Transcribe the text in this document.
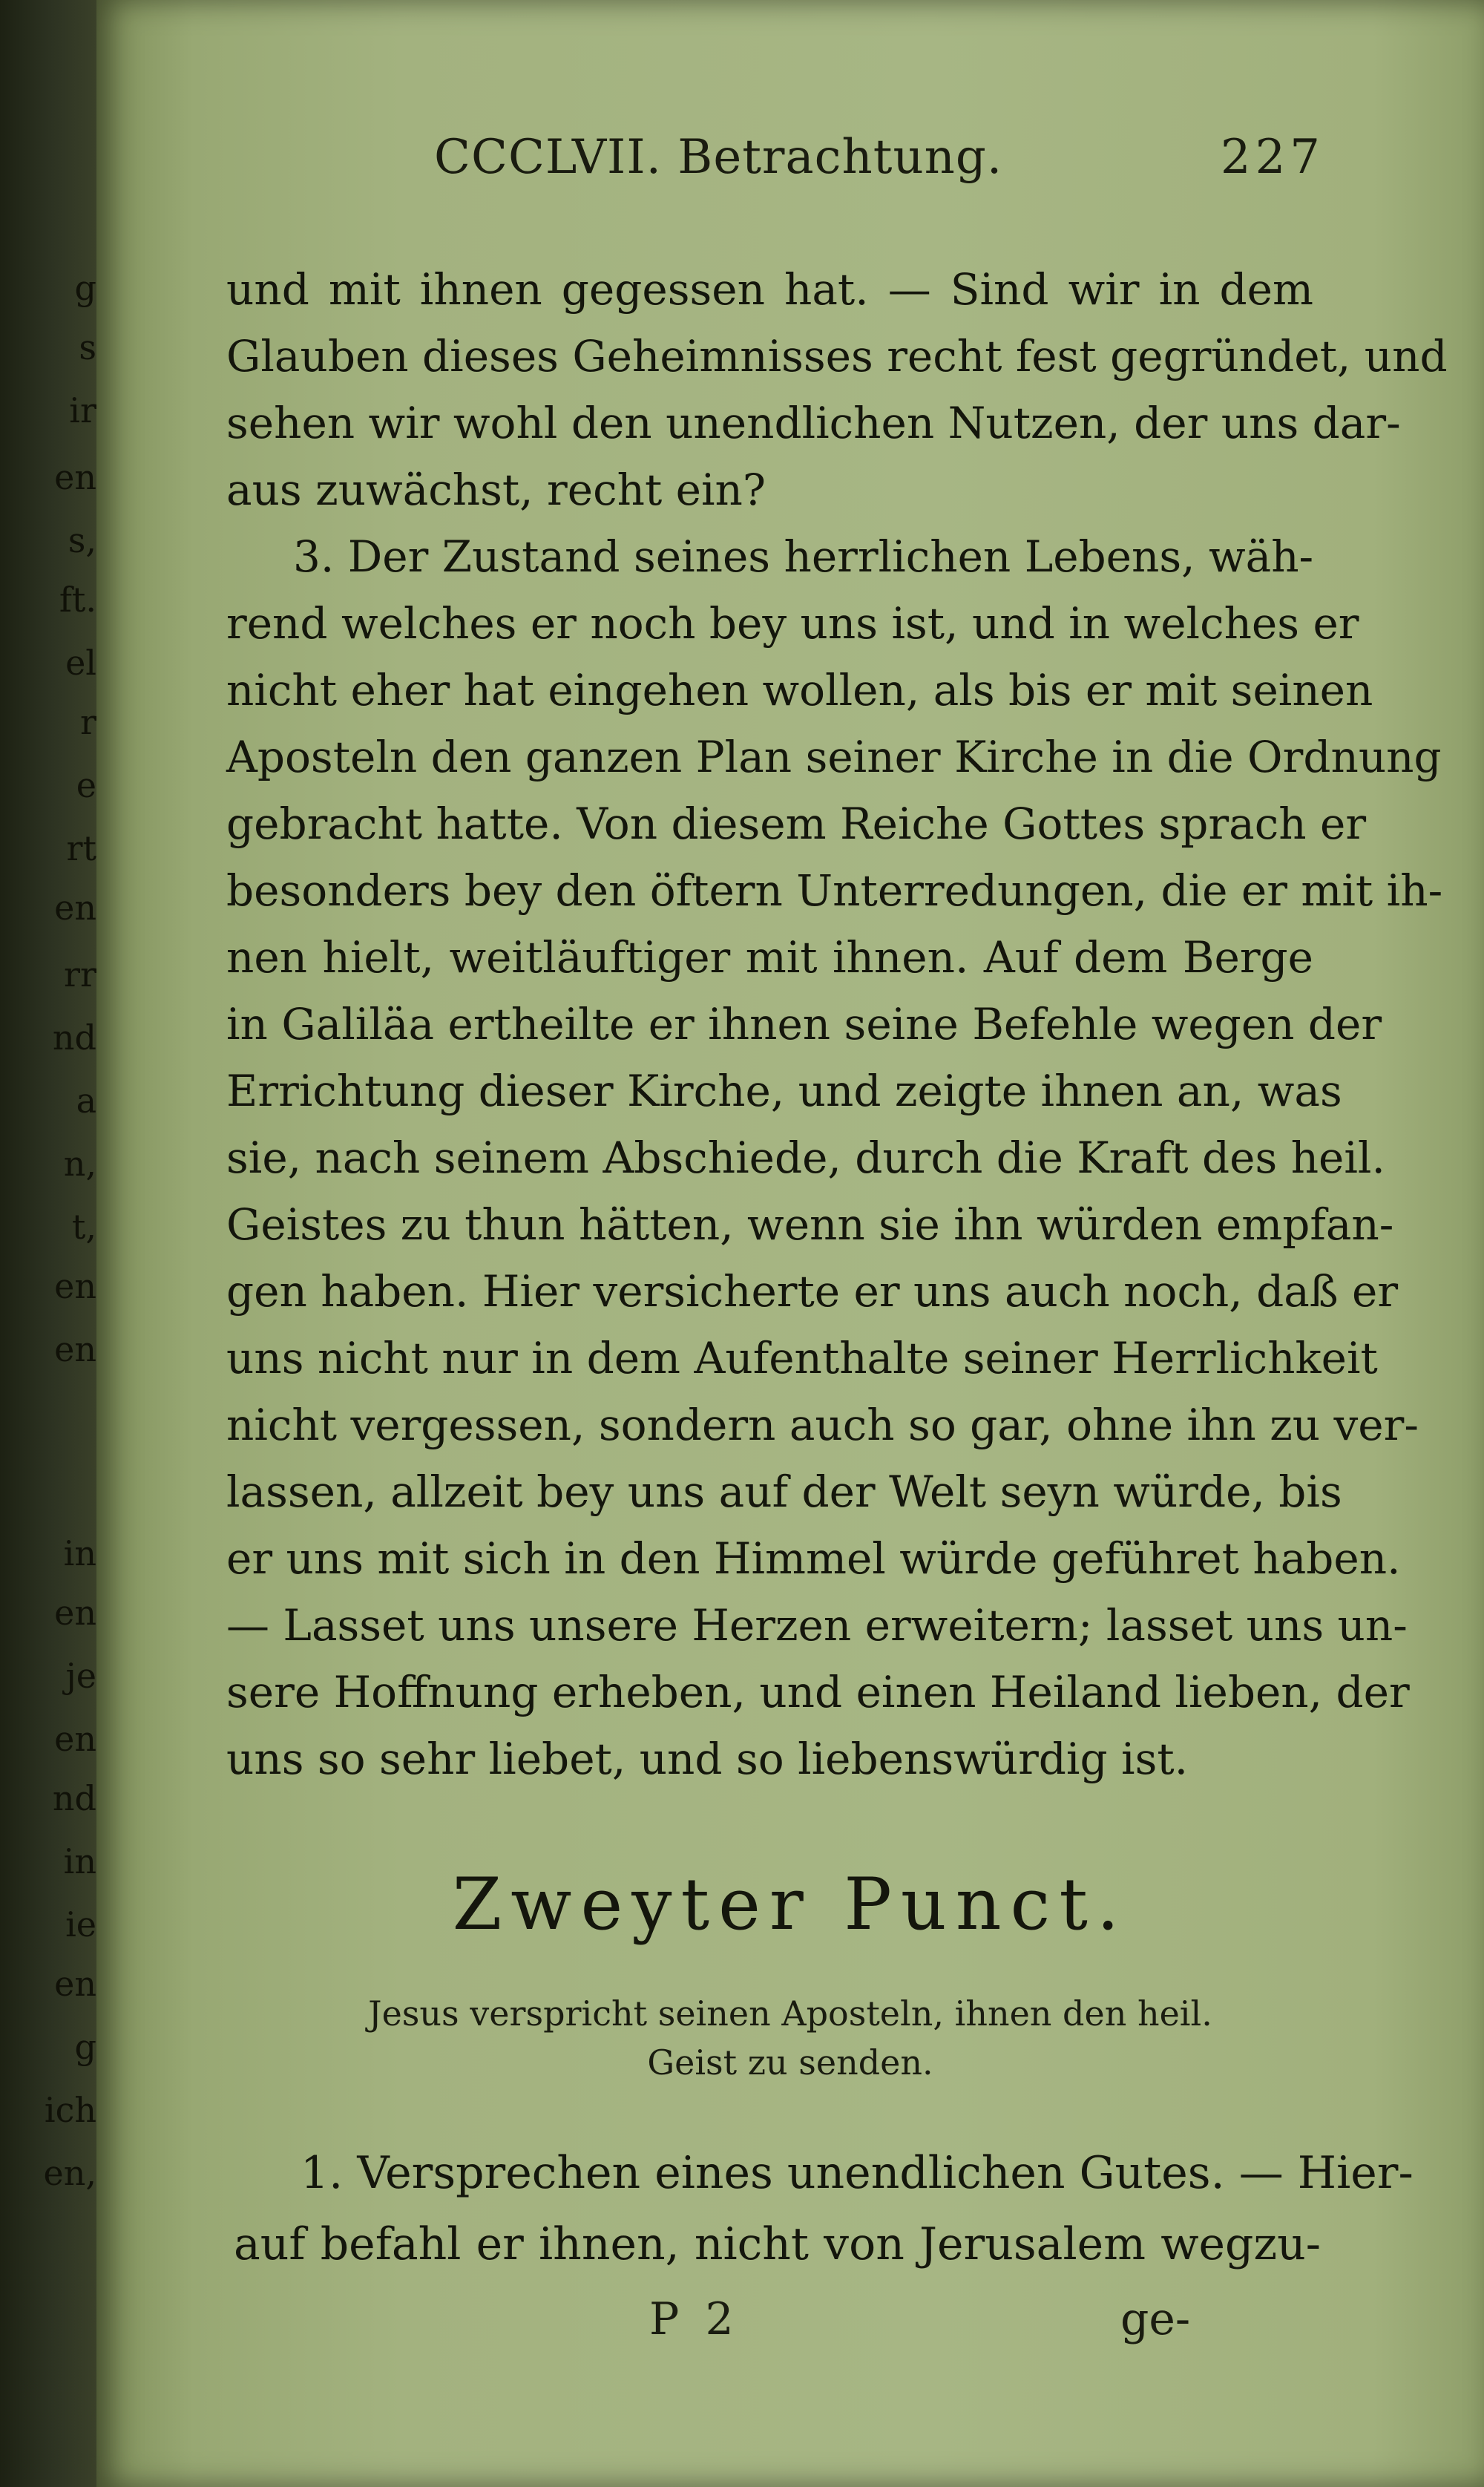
g
s
ir
en
s,
ft.
el
r
e
rt
en
rr
nd
a
n,
t,
en
en
in
en
je
en
nd
in
ie
en
g
ich
en,
CCCLVII. Betrachtung.	227
und mit ihnen gegessen hat. — Sind wir in dem
Glauben dieses Geheimnisses recht fest gegründet, und
sehen wir wohl den unendlichen Nutzen, der uns dar-
aus zuwächst, recht ein?
3. Der Zustand seines herrlichen Lebens, wäh-
rend welches er noch bey uns ist, und in welches er
nicht eher hat eingehen wollen, als bis er mit seinen
Aposteln den ganzen Plan seiner Kirche in die Ordnung
gebracht hatte. Von diesem Reiche Gottes sprach er
besonders bey den öftern Unterredungen, die er mit ih-
nen hielt, weitläuftiger mit ihnen. Auf dem Berge
in Galiläa ertheilte er ihnen seine Befehle wegen der
Errichtung dieser Kirche, und zeigte ihnen an, was
sie, nach seinem Abschiede, durch die Kraft des heil.
Geistes zu thun hätten, wenn sie ihn würden empfan-
gen haben. Hier versicherte er uns auch noch, daß er
uns nicht nur in dem Aufenthalte seiner Herrlichkeit
nicht vergessen, sondern auch so gar, ohne ihn zu ver-
lassen, allzeit bey uns auf der Welt seyn würde, bis
er uns mit sich in den Himmel würde geführet haben.
— Lasset uns unsere Herzen erweitern; lasset uns un-
sere Hoffnung erheben, und einen Heiland lieben, der
uns so sehr liebet, und so liebenswürdig ist.
Zweyter Punct.
Jesus verspricht seinen Aposteln, ihnen den heil.
Geist zu senden.
1. Versprechen eines unendlichen Gutes. — Hier-
auf befahl er ihnen, nicht von Jerusalem wegzu-
P 2	ge-
